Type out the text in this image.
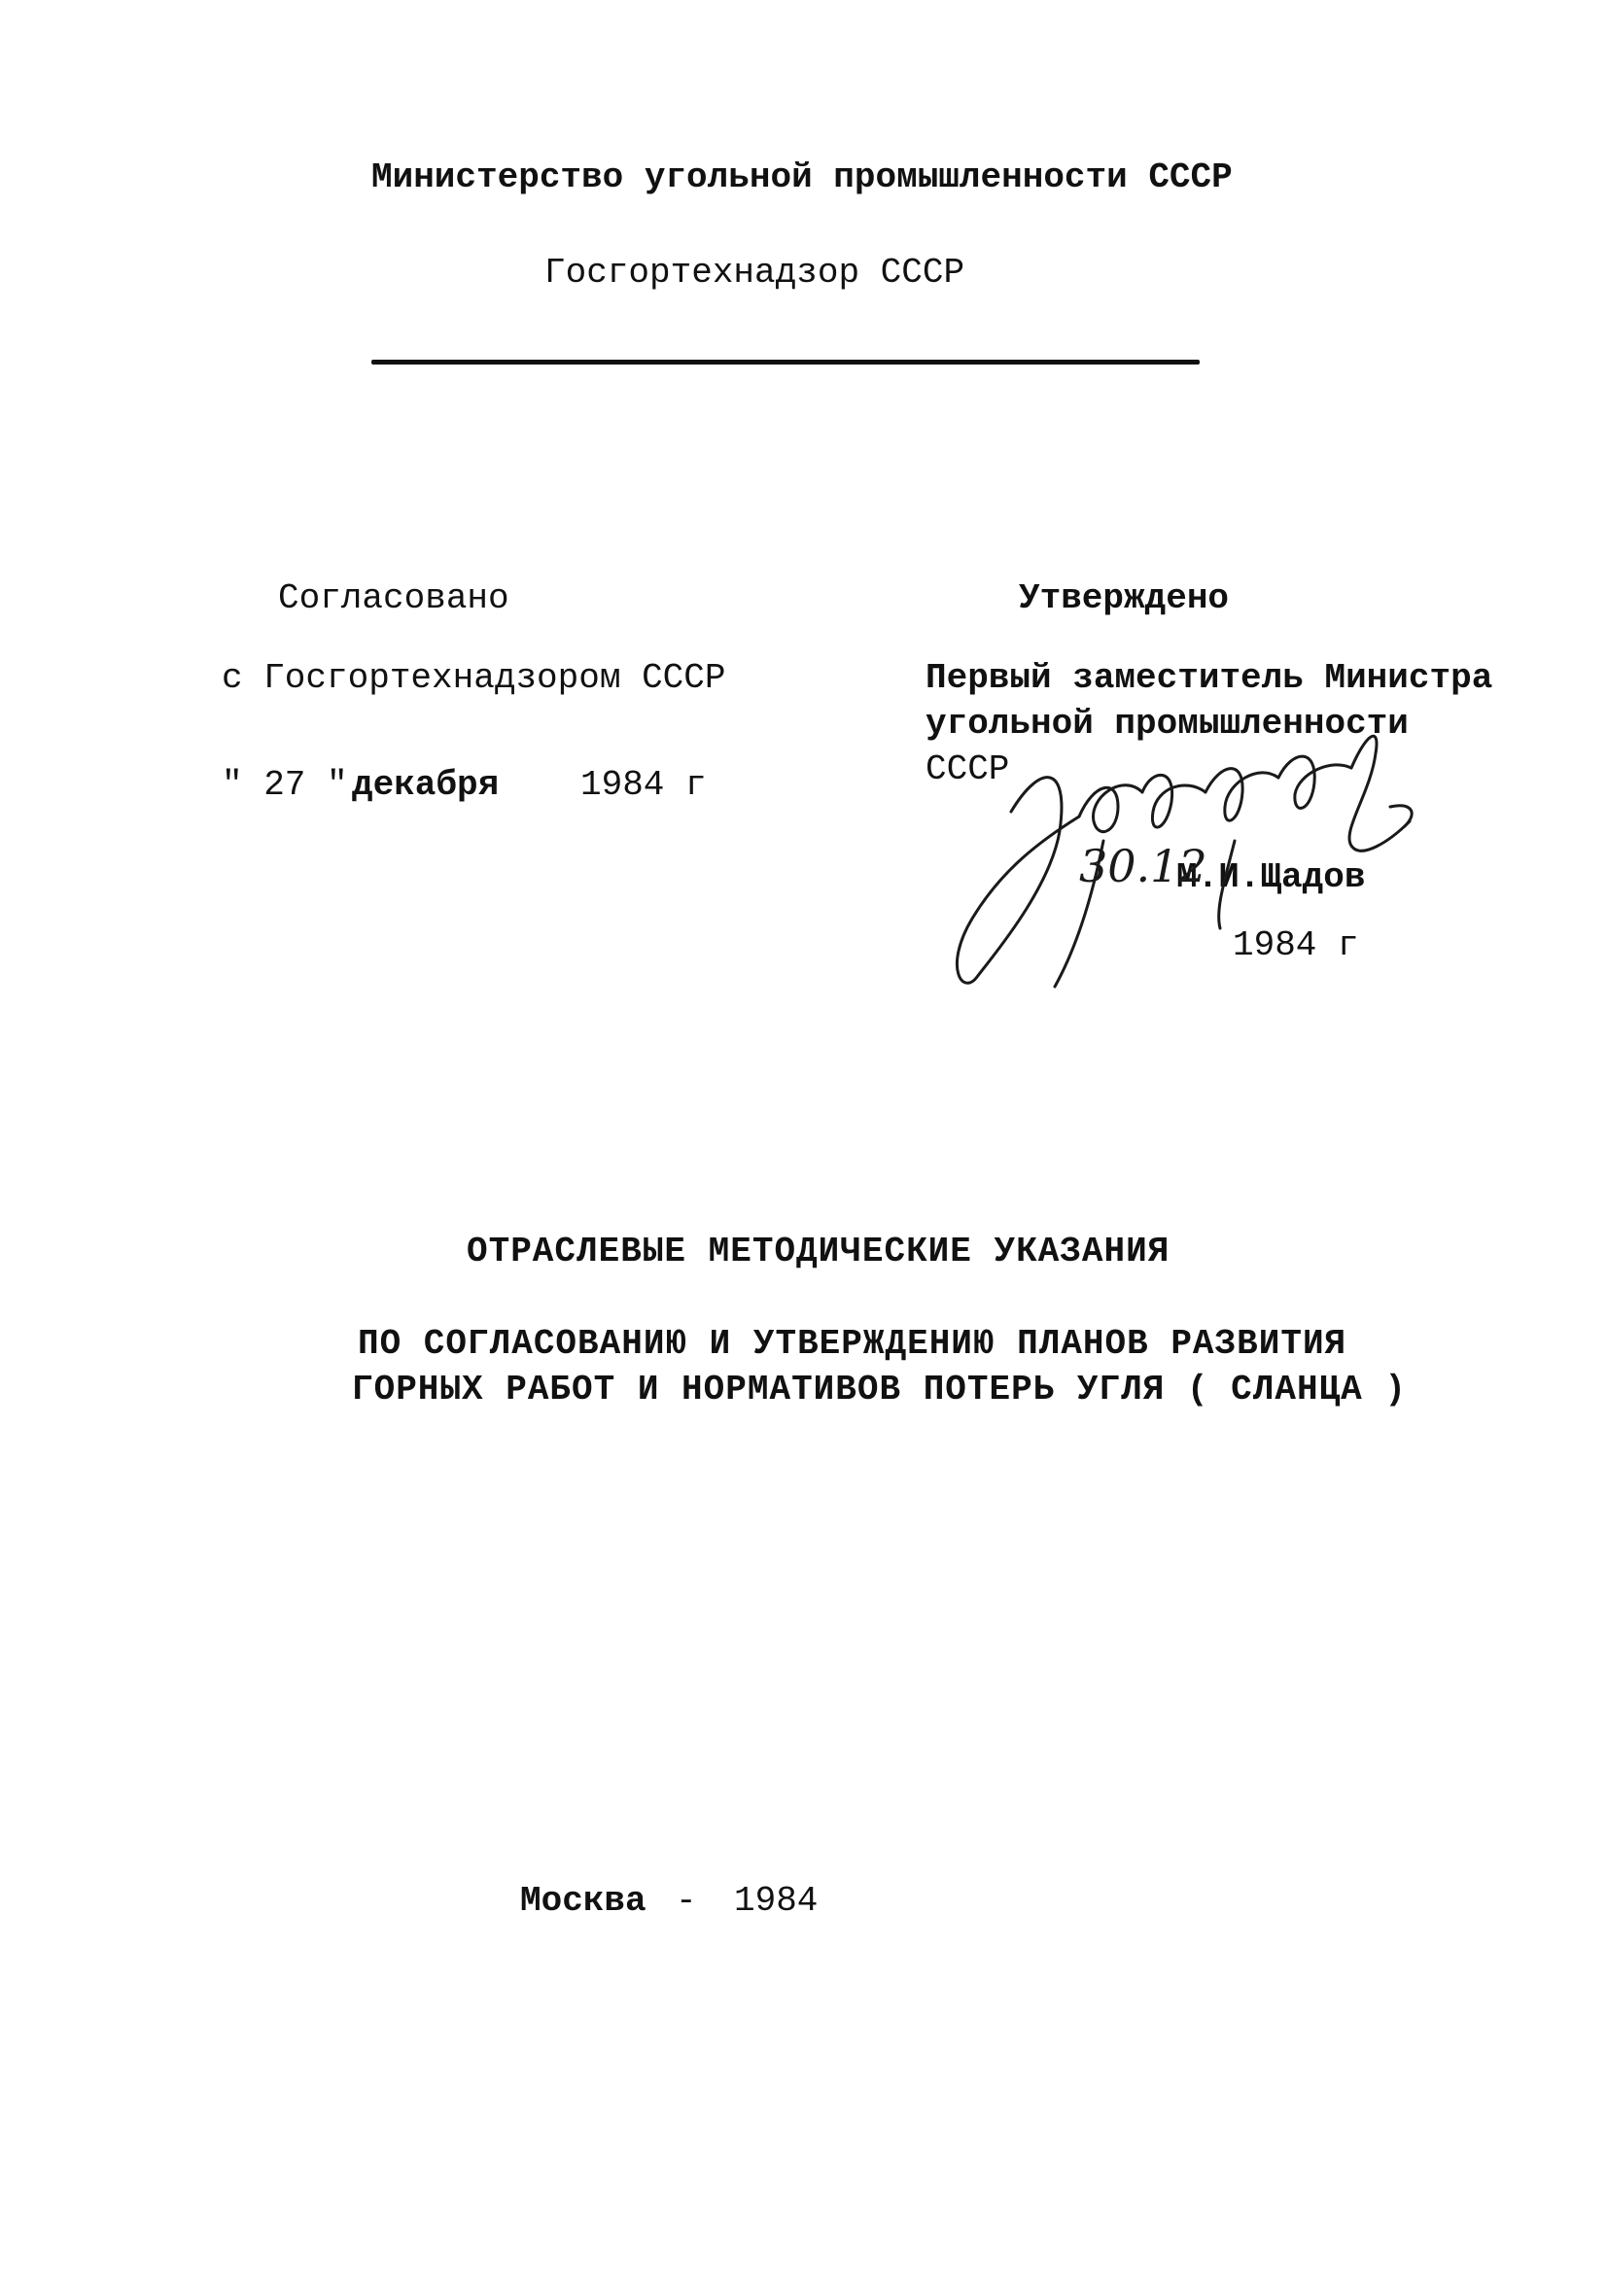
Министерство угольной промышленности СССР
Госгортехнадзор СССР
Согласовано
с Госгортехнадзором СССР
" 27 " декабря 1984 г
Утверждено
Первый заместитель Министра
угольной промышленности
СССР
М.И.Щадов
1984 г
30.12
ОТРАСЛЕВЫЕ МЕТОДИЧЕСКИЕ УКАЗАНИЯ
ПО СОГЛАСОВАНИЮ И УТВЕРЖДЕНИЮ ПЛАНОВ РАЗВИТИЯ
ГОРНЫХ РАБОТ И НОРМАТИВОВ ПОТЕРЬ УГЛЯ ( СЛАНЦА )
Москва - 1984
